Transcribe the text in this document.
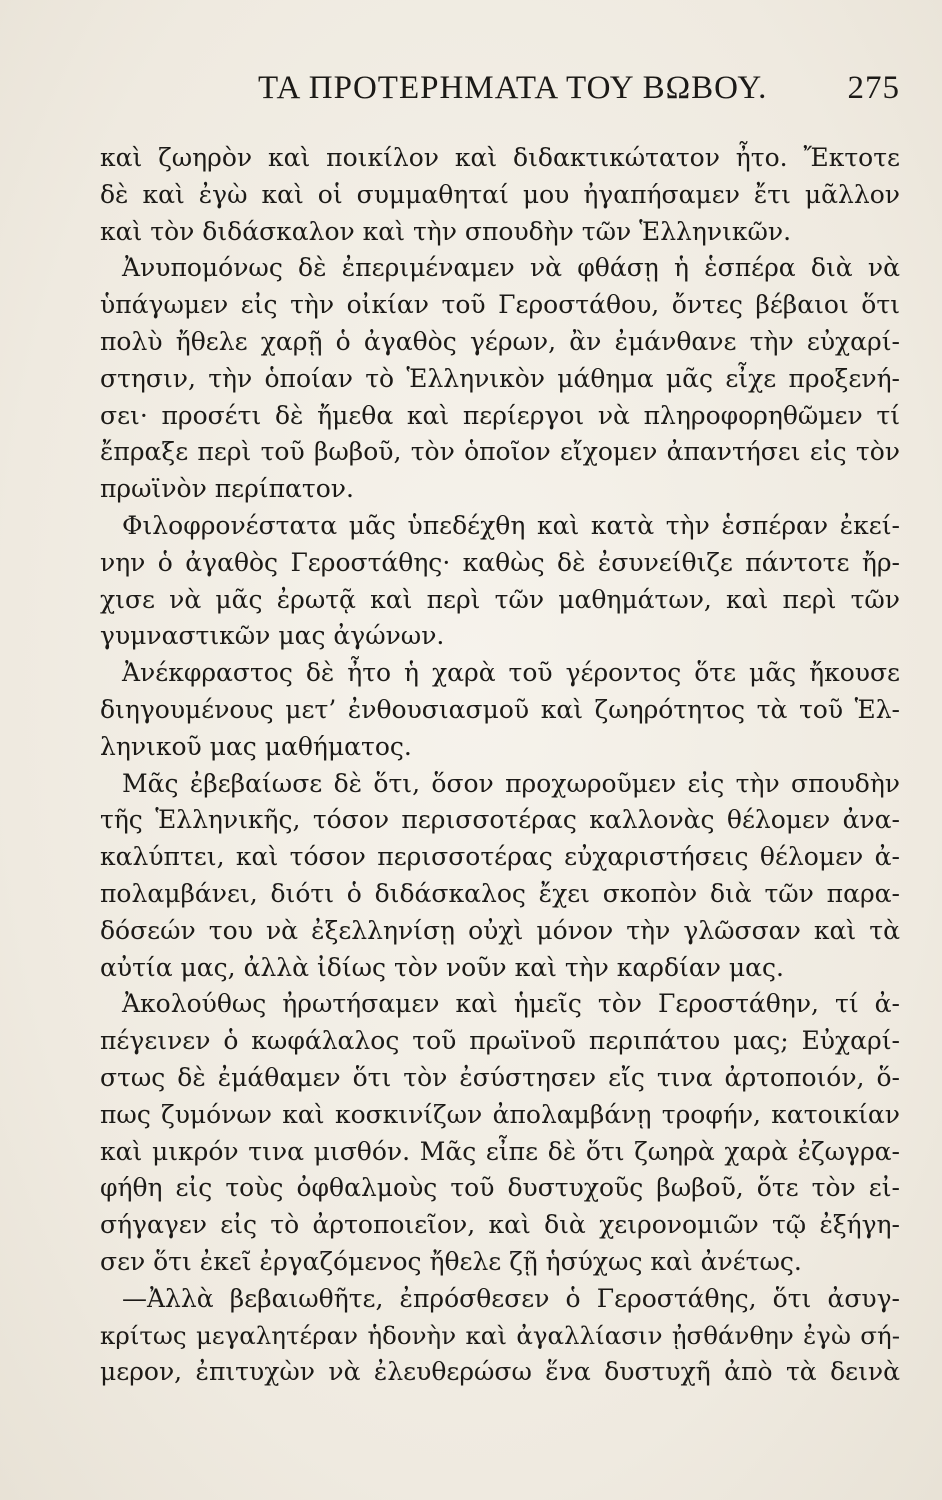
ΤΑ ΠΡΟΤΕΡΗΜΑΤΑ ΤΟΥ ΒΩΒΟΥ. 275
καὶ ζωηρὸν καὶ ποικίλον καὶ διδακτικώτατον ἦτο. Ἔκτοτε
δὲ καὶ ἐγὼ καὶ οἱ συμμαθηταί μου ἠγαπήσαμεν ἔτι μᾶλλον
καὶ τὸν διδάσκαλον καὶ τὴν σπουδὴν τῶν Ἑλληνικῶν.
Ἀνυπομόνως δὲ ἐπεριμέναμεν νὰ φθάσῃ ἡ ἑσπέρα διὰ νὰ
ὑπάγωμεν εἰς τὴν οἰκίαν τοῦ Γεροστάθου, ὄντες βέβαιοι ὅτι
πολὺ ἤθελε χαρῇ ὁ ἀγαθὸς γέρων, ἂν ἐμάνθανε τὴν εὐχαρί-
στησιν, τὴν ὁποίαν τὸ Ἑλληνικὸν μάθημα μᾶς εἶχε προξενή-
σει· προσέτι δὲ ἤμεθα καὶ περίεργοι νὰ πληροφορηθῶμεν τί
ἔπραξε περὶ τοῦ βωβοῦ, τὸν ὁποῖον εἴχομεν ἀπαντήσει εἰς τὸν
πρωϊνὸν περίπατον.
Φιλοφρονέστατα μᾶς ὑπεδέχθη καὶ κατὰ τὴν ἑσπέραν ἐκεί-
νην ὁ ἀγαθὸς Γεροστάθης· καθὼς δὲ ἐσυνείθιζε πάντοτε ἤρ-
χισε νὰ μᾶς ἐρωτᾷ καὶ περὶ τῶν μαθημάτων, καὶ περὶ τῶν
γυμναστικῶν μας ἀγώνων.
Ἀνέκφραστος δὲ ἦτο ἡ χαρὰ τοῦ γέροντος ὅτε μᾶς ἤκουσε
διηγουμένους μετ’ ἐνθουσιασμοῦ καὶ ζωηρότητος τὰ τοῦ Ἑλ-
ληνικοῦ μας μαθήματος.
Μᾶς ἐβεβαίωσε δὲ ὅτι, ὅσον προχωροῦμεν εἰς τὴν σπουδὴν
τῆς Ἑλληνικῆς, τόσον περισσοτέρας καλλονὰς θέλομεν ἀνα-
καλύπτει, καὶ τόσον περισσοτέρας εὐχαριστήσεις θέλομεν ἀ-
πολαμβάνει, διότι ὁ διδάσκαλος ἔχει σκοπὸν διὰ τῶν παρα-
δόσεών του νὰ ἐξελληνίσῃ οὐχὶ μόνον τὴν γλῶσσαν καὶ τὰ
αὐτία μας, ἀλλὰ ἰδίως τὸν νοῦν καὶ τὴν καρδίαν μας.
Ἀκολούθως ἠρωτήσαμεν καὶ ἡμεῖς τὸν Γεροστάθην, τί ἀ-
πέγεινεν ὁ κωφάλαλος τοῦ πρωϊνοῦ περιπάτου μας; Εὐχαρί-
στως δὲ ἐμάθαμεν ὅτι τὸν ἐσύστησεν εἴς τινα ἀρτοποιόν, ὅ-
πως ζυμόνων καὶ κοσκινίζων ἀπολαμβάνῃ τροφήν, κατοικίαν
καὶ μικρόν τινα μισθόν. Μᾶς εἶπε δὲ ὅτι ζωηρὰ χαρὰ ἐζωγρα-
φήθη εἰς τοὺς ὀφθαλμοὺς τοῦ δυστυχοῦς βωβοῦ, ὅτε τὸν εἰ-
σήγαγεν εἰς τὸ ἀρτοποιεῖον, καὶ διὰ χειρονομιῶν τῷ ἐξήγη-
σεν ὅτι ἐκεῖ ἐργαζόμενος ἤθελε ζῇ ἡσύχως καὶ ἀνέτως.
—Ἀλλὰ βεβαιωθῆτε, ἐπρόσθεσεν ὁ Γεροστάθης, ὅτι ἀσυγ-
κρίτως μεγαλητέραν ἡδονὴν καὶ ἀγαλλίασιν ᾐσθάνθην ἐγὼ σή-
μερον, ἐπιτυχὼν νὰ ἐλευθερώσω ἕνα δυστυχῆ ἀπὸ τὰ δεινὰ
